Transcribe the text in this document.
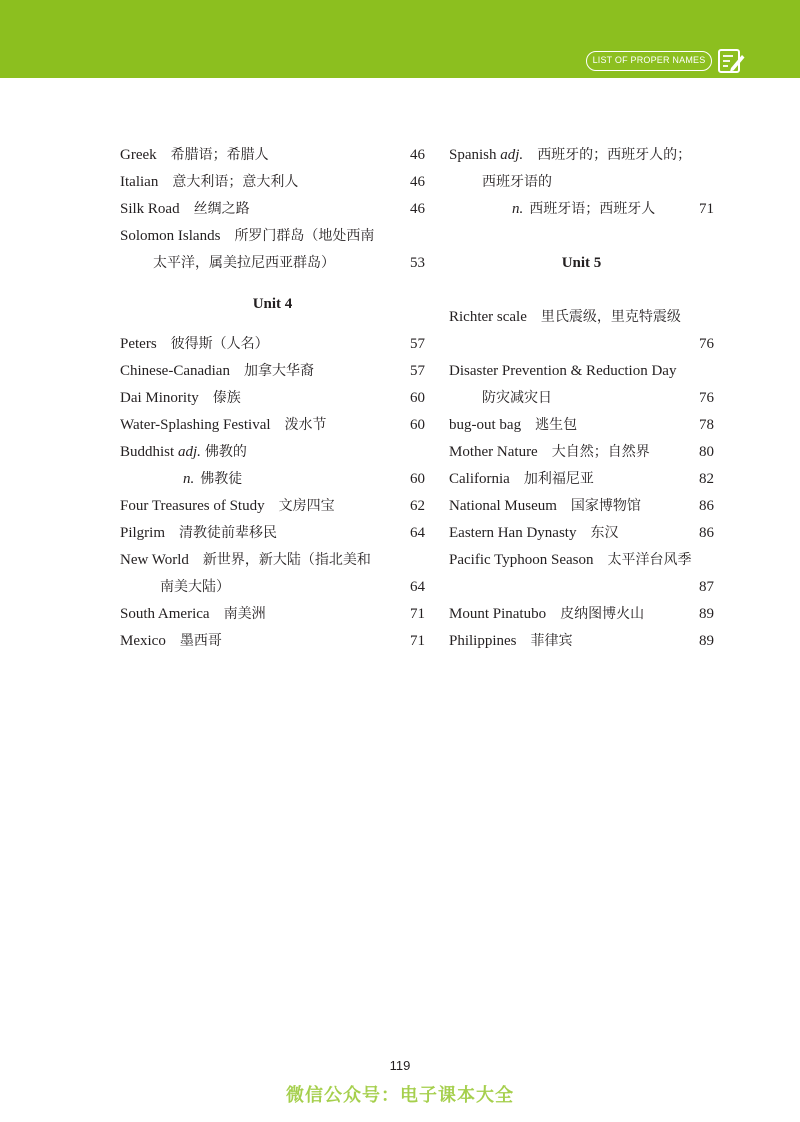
LIST OF PROPER NAMES
Greek 希腊语；希腊人	46
Italian 意大利语；意大利人	46
Silk Road 丝绸之路	46
Solomon Islands 所罗门群岛（地处西南
太平洋，属美拉尼西亚群岛）	53
Unit 4
Peters 彼得斯（人名）	57
Chinese-Canadian 加拿大华裔	57
Dai Minority 傣族	60
Water-Splashing Festival 泼水节	60
Buddhist adj. 佛教的
n. 佛教徒	60
Four Treasures of Study 文房四宝	62
Pilgrim 清教徒前辈移民	64
New World 新世界，新大陆（指北美和
南美大陆）	64
South America 南美洲	71
Mexico 墨西哥	71
Spanish adj. 西班牙的；西班牙人的；
西班牙语的
n. 西班牙语；西班牙人	71
Unit 5
Richter scale 里氏震级，里克特震级
76
Disaster Prevention & Reduction Day
防灾减灾日	76
bug-out bag 逃生包	78
Mother Nature 大自然；自然界	80
California 加利福尼亚	82
National Museum 国家博物馆	86
Eastern Han Dynasty 东汉	86
Pacific Typhoon Season 太平洋台风季
87
Mount Pinatubo 皮纳图博火山	89
Philippines 菲律宾	89
119
微信公众号：电子课本大全
